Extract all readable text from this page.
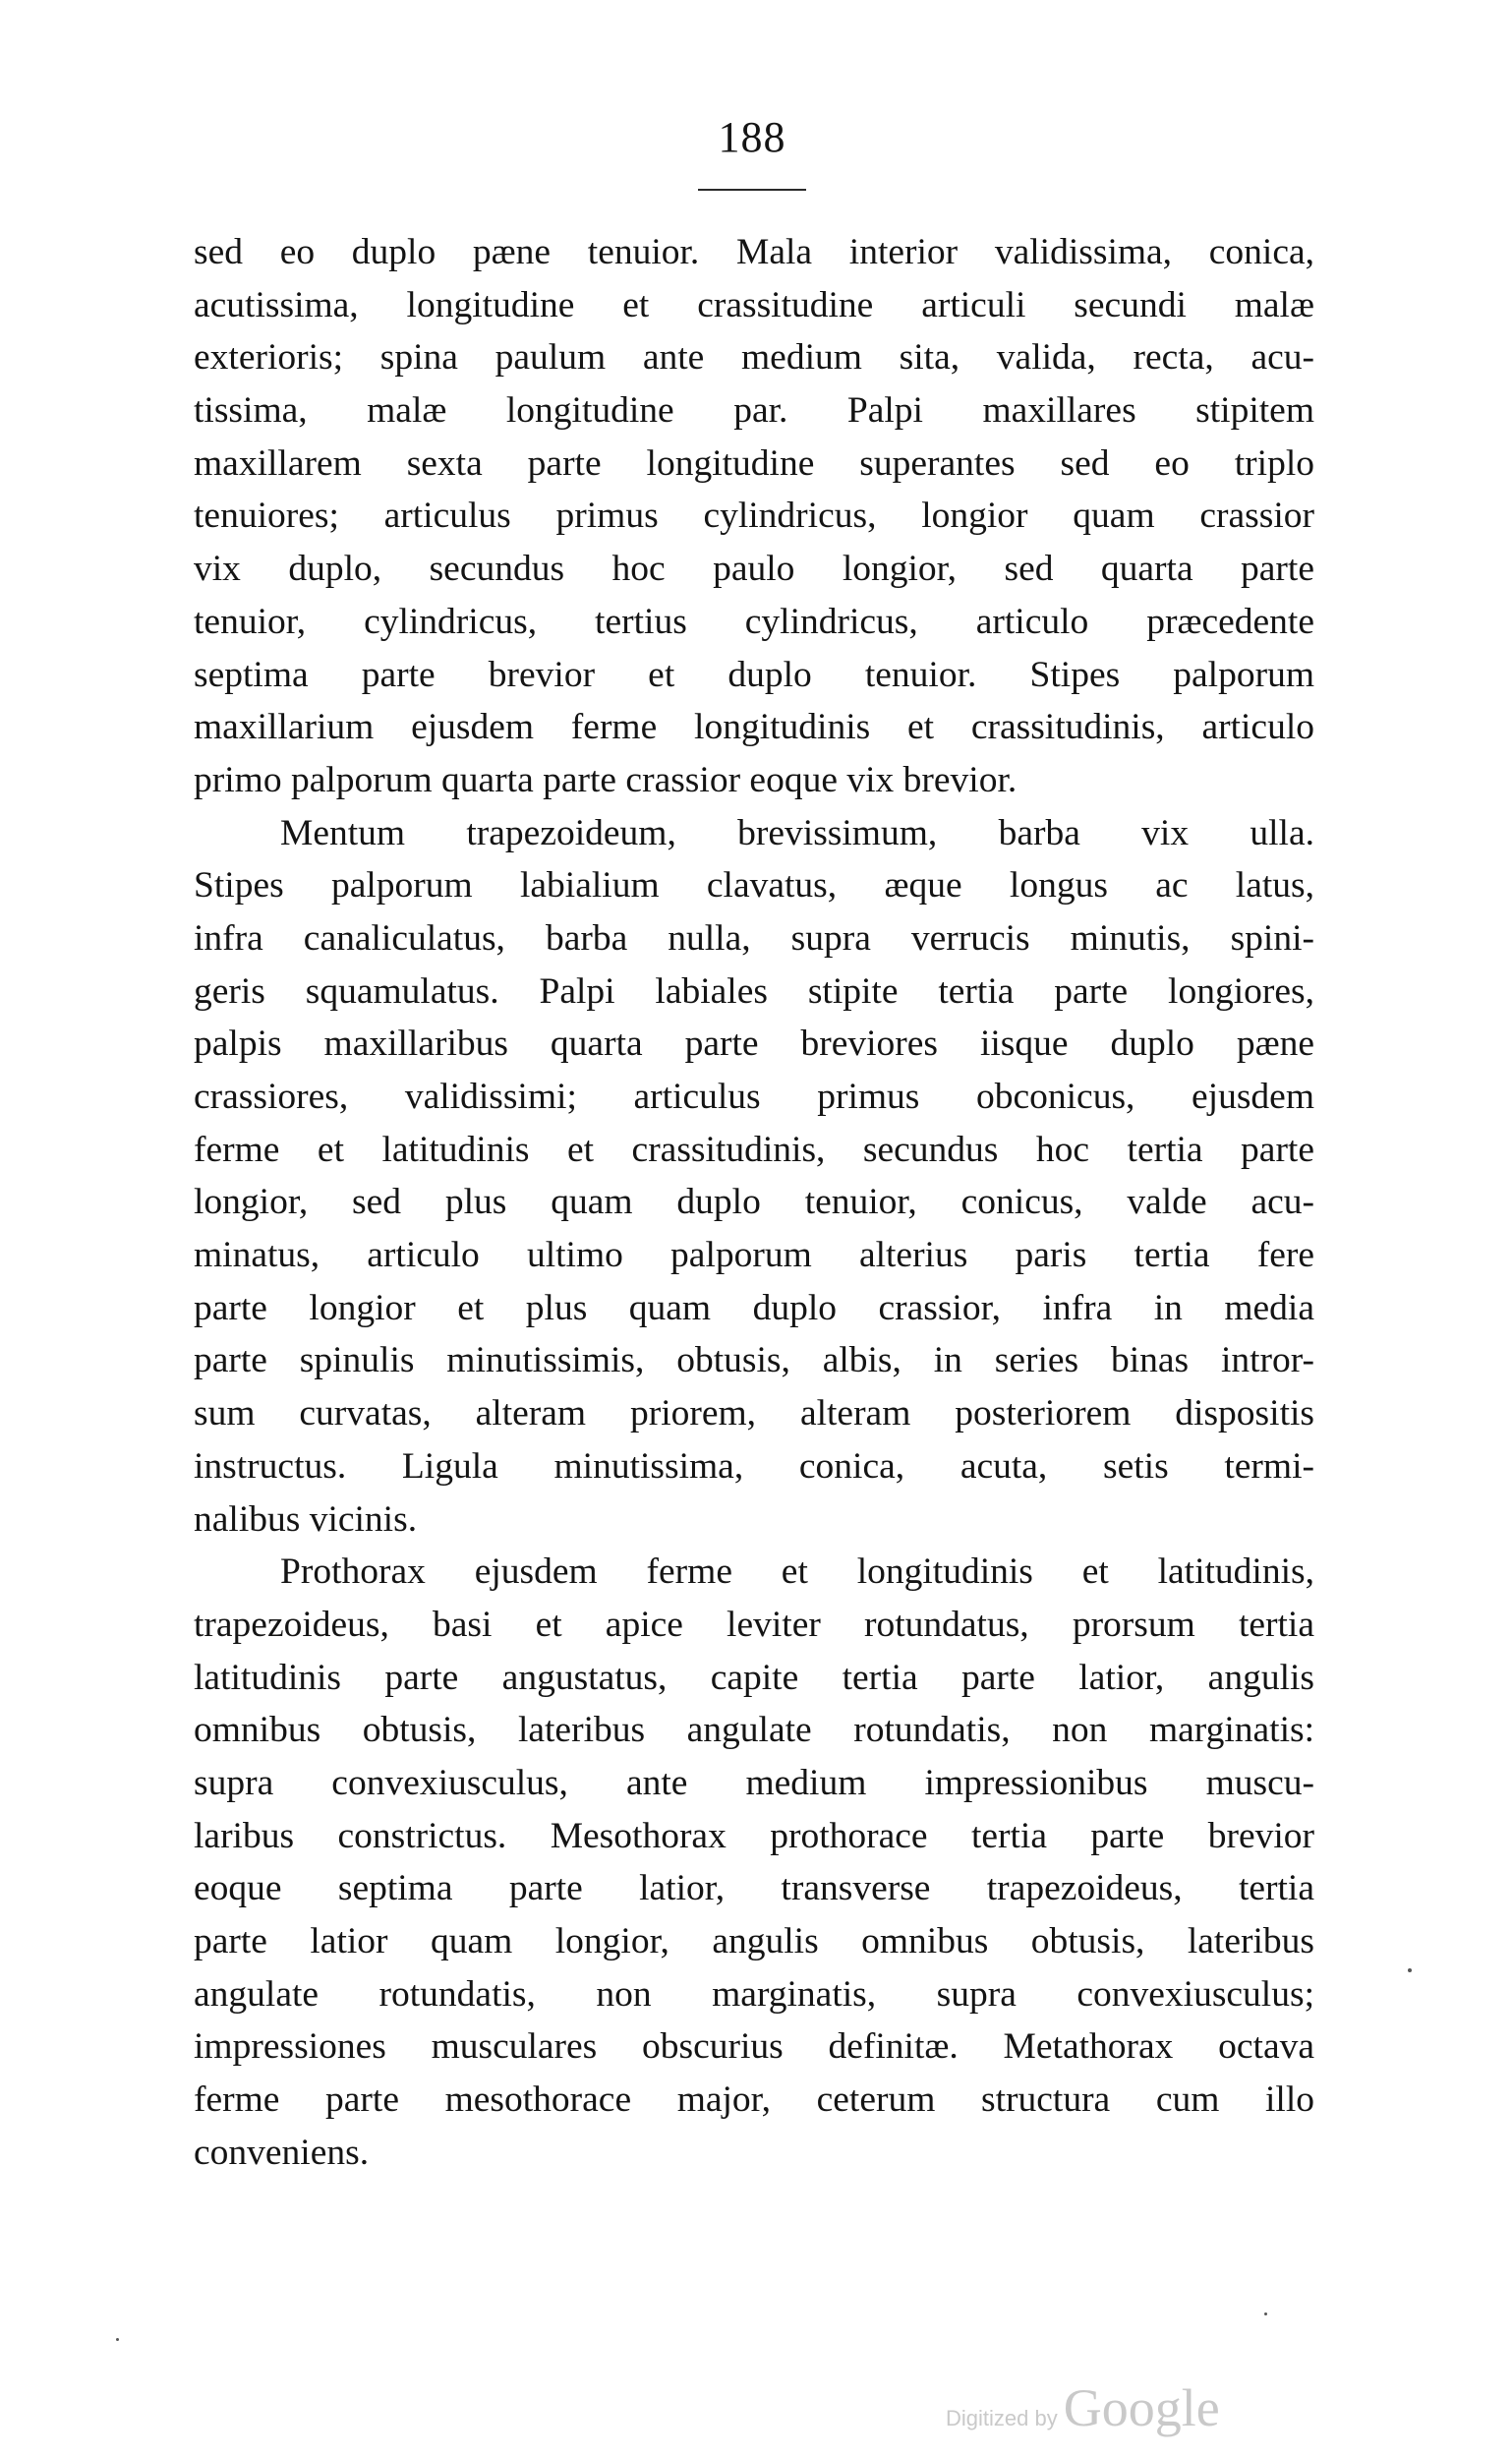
188
sed eo duplo pæne tenuior. Mala interior validissima, conica,
acutissima, longitudine et crassitudine articuli secundi malæ
exterioris; spina paulum ante medium sita, valida, recta, acu-
tissima, malæ longitudine par. Palpi maxillares stipitem
maxillarem sexta parte longitudine superantes sed eo triplo
tenuiores; articulus primus cylindricus, longior quam crassior
vix duplo, secundus hoc paulo longior, sed quarta parte
tenuior, cylindricus, tertius cylindricus, articulo præcedente
septima parte brevior et duplo tenuior. Stipes palporum
maxillarium ejusdem ferme longitudinis et crassitudinis, articulo
primo palporum quarta parte crassior eoque vix brevior.
Mentum trapezoideum, brevissimum, barba vix ulla.
Stipes palporum labialium clavatus, æque longus ac latus,
infra canaliculatus, barba nulla, supra verrucis minutis, spini-
geris squamulatus. Palpi labiales stipite tertia parte longiores,
palpis maxillaribus quarta parte breviores iisque duplo pæne
crassiores, validissimi; articulus primus obconicus, ejusdem
ferme et latitudinis et crassitudinis, secundus hoc tertia parte
longior, sed plus quam duplo tenuior, conicus, valde acu-
minatus, articulo ultimo palporum alterius paris tertia fere
parte longior et plus quam duplo crassior, infra in media
parte spinulis minutissimis, obtusis, albis, in series binas intror-
sum curvatas, alteram priorem, alteram posteriorem dispositis
instructus. Ligula minutissima, conica, acuta, setis termi-
nalibus vicinis.
Prothorax ejusdem ferme et longitudinis et latitudinis,
trapezoideus, basi et apice leviter rotundatus, prorsum tertia
latitudinis parte angustatus, capite tertia parte latior, angulis
omnibus obtusis, lateribus angulate rotundatis, non marginatis:
supra convexiusculus, ante medium impressionibus muscu-
laribus constrictus. Mesothorax prothorace tertia parte brevior
eoque septima parte latior, transverse trapezoideus, tertia
parte latior quam longior, angulis omnibus obtusis, lateribus
angulate rotundatis, non marginatis, supra convexiusculus;
impressiones musculares obscurius definitæ. Metathorax octava
ferme parte mesothorace major, ceterum structura cum illo
conveniens.
Digitized by Google
